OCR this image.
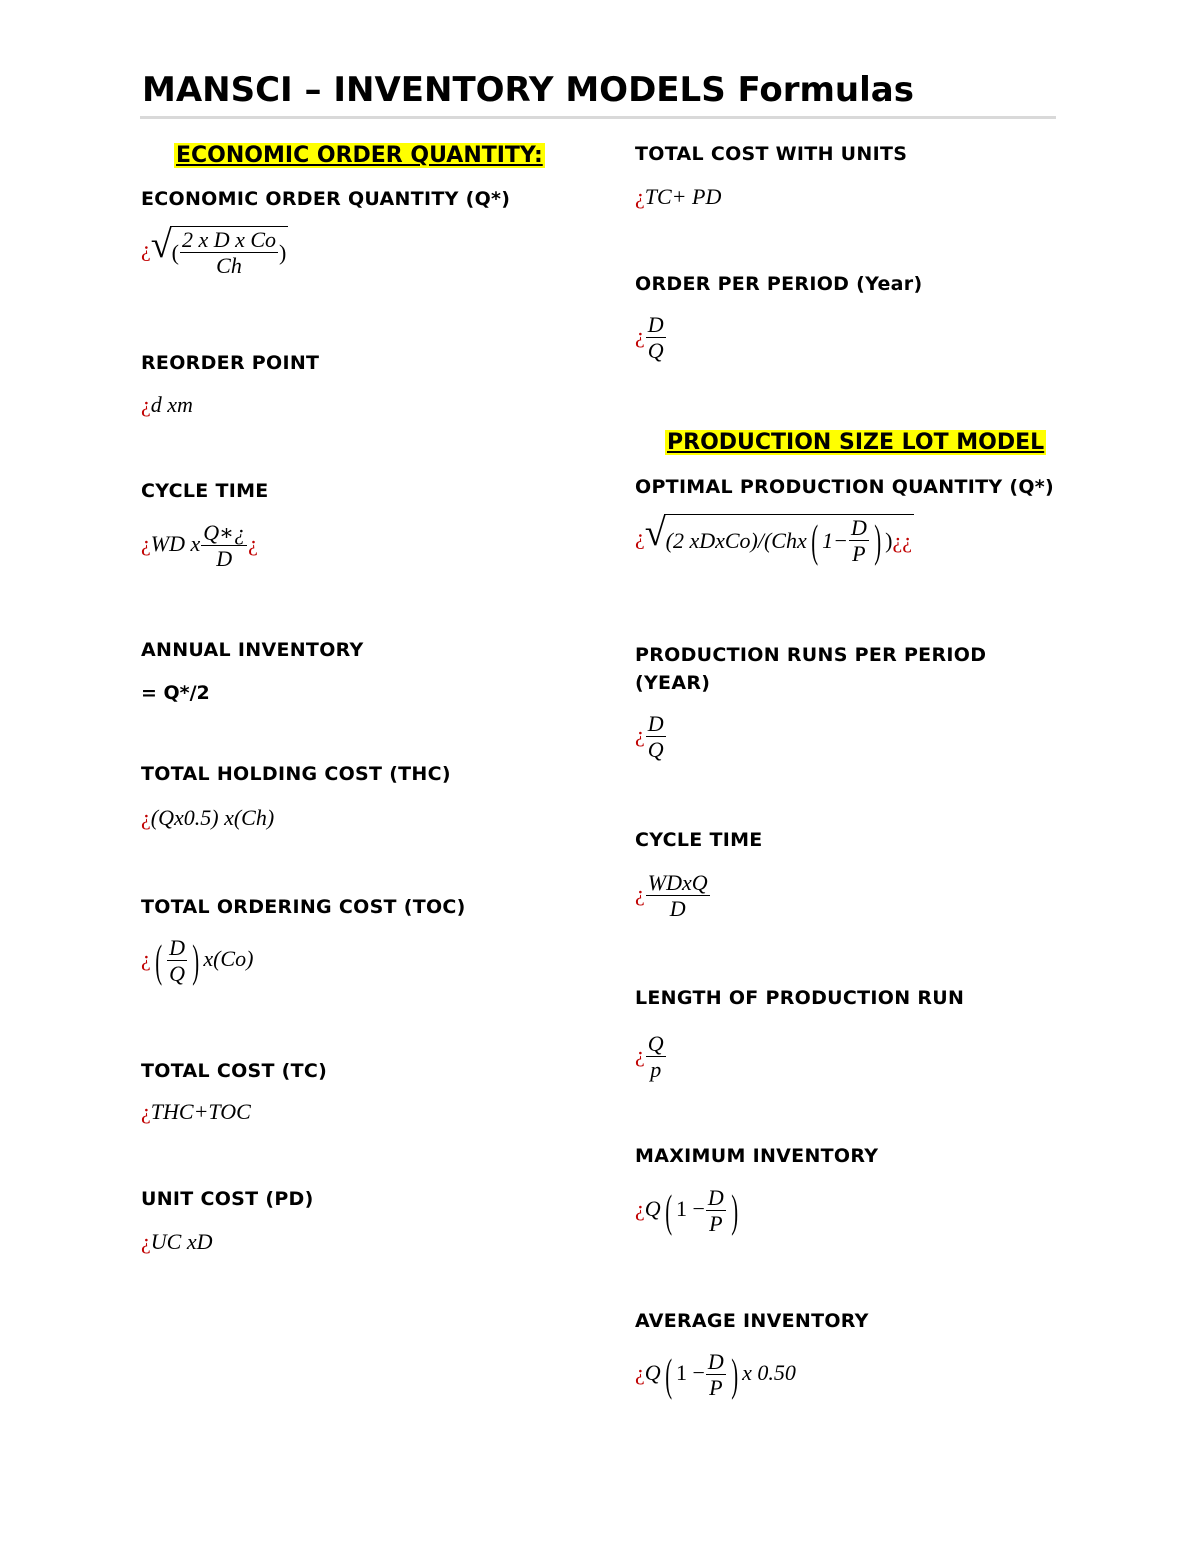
MANSCI – INVENTORY MODELS Formulas
ECONOMIC ORDER QUANTITY:
ECONOMIC ORDER QUANTITY (Q*)
¿ √ ( $\frac{\text{2 x D x Co}}{Ch}$ )
REORDER POINT
¿d xm
CYCLE TIME
¿WD x $\frac{Q∗¿}{D}$ ¿
ANNUAL INVENTORY
= Q*/2
TOTAL HOLDING COST (THC)
¿(Qx0.5) x(Ch)
TOTAL ORDERING COST (TOC)
¿( $\frac{D}{Q}$ ) x(Co)
TOTAL COST (TC)
¿THC+TOC
UNIT COST (PD)
¿UC xD
TOTAL COST WITH UNITS
¿TC+ PD
ORDER PER PERIOD (Year)
¿ $\frac{D}{Q}$
PRODUCTION SIZE LOT MODEL
OPTIMAL PRODUCTION QUANTITY (Q*)
¿ √ (2 xDxCo)/(Chx ( $1- \frac{D}{P}$ ) ) ¿¿
PRODUCTION RUNS PER PERIOD (YEAR)
¿ $\frac{D}{Q}$
CYCLE TIME
¿ $\frac{\text{WDxQ}}{D}$
LENGTH OF PRODUCTION RUN
¿ $\frac{Q}{p}$
MAXIMUM INVENTORY
¿Q( $1 - \frac{D}{P}$ )
AVERAGE INVENTORY
¿Q( $1 - \frac{D}{P}$ ) x 0.50
